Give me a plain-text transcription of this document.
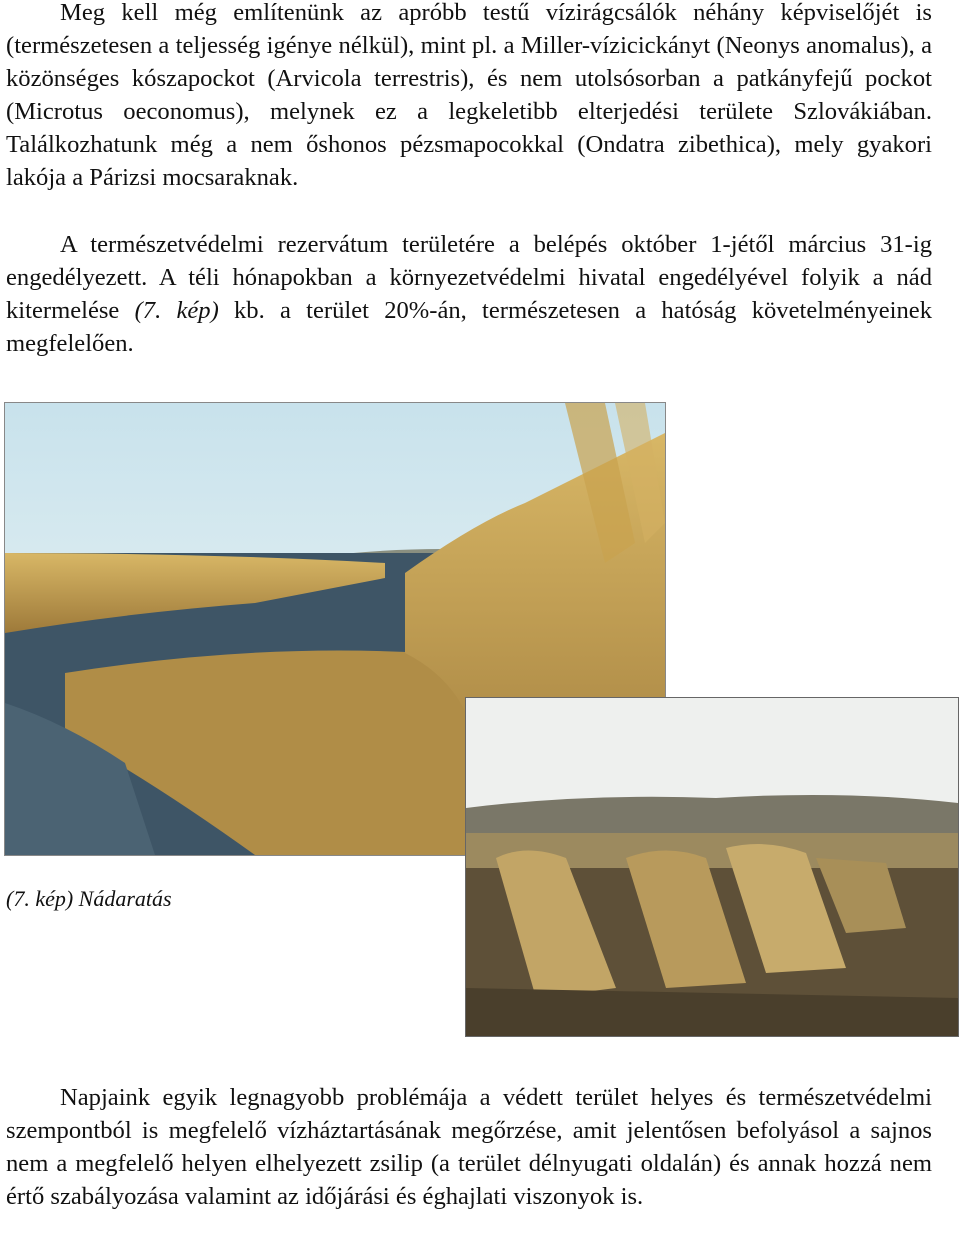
Meg kell még említenünk az apróbb testű vízirágcsálók néhány képviselőjét is (természetesen a teljesség igénye nélkül), mint pl. a Miller-vízicickányt (Neonys anomalus), a közönséges kószapockot (Arvicola terrestris), és nem utolsósorban a patkányfejű pockot (Microtus oeconomus), melynek ez a legkeletibb elterjedési területe Szlovákiában. Találkozhatunk még a nem őshonos pézsmapocokkal (Ondatra zibethica), mely gyakori lakója a Párizsi mocsaraknak.

A természetvédelmi rezervátum területére a belépés október 1-jétől március 31-ig engedélyezett. A téli hónapokban a környezetvédelmi hivatal engedélyével folyik a nád kitermelése (7. kép) kb. a terület 20%-án, természetesen a hatóság követelményeinek megfelelően.

(7. kép) Nádaratás

Napjaink egyik legnagyobb problémája a védett terület helyes és természetvédelmi szempontból is megfelelő vízháztartásának megőrzése, amit jelentősen befolyásol a sajnos nem a megfelelő helyen elhelyezett zsilip (a terület délnyugati oldalán) és annak hozzá nem értő szabályozása valamint az időjárási és éghajlati viszonyok is.
